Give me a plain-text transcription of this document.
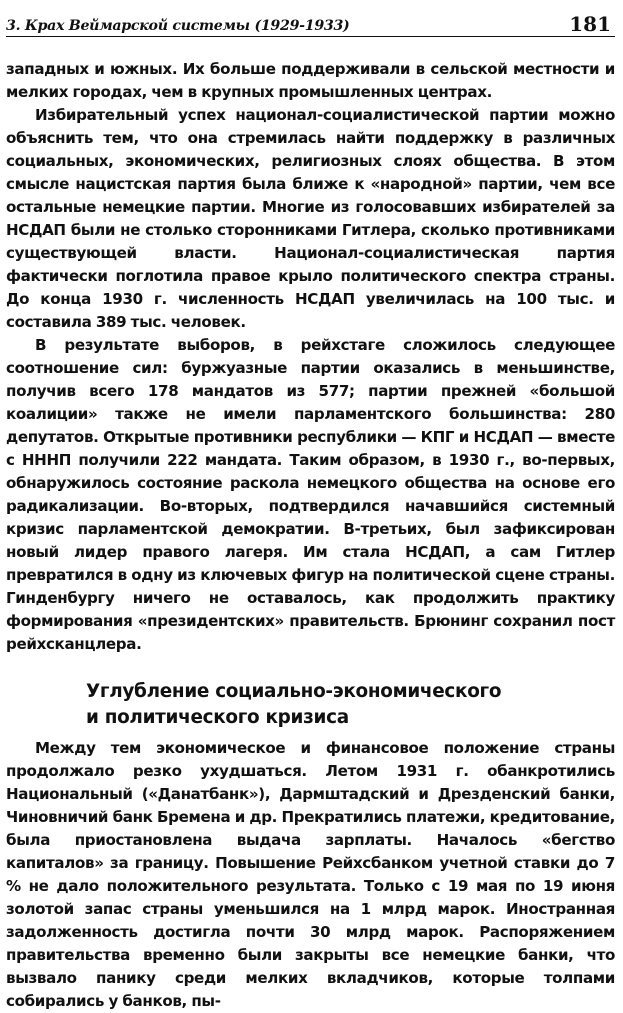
3. Крах Веймарской системы (1929-1933)	181

западных и южных. Их больше поддерживали в сельской местности и мелких городах, чем в крупных промышленных центрах.

Избирательный успех национал-социалистической партии можно объяснить тем, что она стремилась найти поддержку в различных социальных, экономических, религиозных слоях общества. В этом смысле нацистская партия была ближе к «народной» партии, чем все остальные немецкие партии. Многие из голосовавших избирателей за НСДАП были не столько сторонниками Гитлера, сколько противниками существующей власти. Национал-социалистическая партия фактически поглотила правое крыло политического спектра страны. До конца 1930 г. численность НСДАП увеличилась на 100 тыс. и составила 389 тыс. человек.

В результате выборов, в рейхстаге сложилось следующее соотношение сил: буржуазные партии оказались в меньшинстве, получив всего 178 мандатов из 577; партии прежней «большой коалиции» также не имели парламентского большинства: 280 депутатов. Открытые противники республики — КПГ и НСДАП — вместе с НННП получили 222 мандата. Таким образом, в 1930 г., во-первых, обнаружилось состояние раскола немецкого общества на основе его радикализации. Во-вторых, подтвердился начавшийся системный кризис парламентской демократии. В-третьих, был зафиксирован новый лидер правого лагеря. Им стала НСДАП, а сам Гитлер превратился в одну из ключевых фигур на политической сцене страны. Гинденбургу ничего не оставалось, как продолжить практику формирования «президентских» правительств. Брюнинг сохранил пост рейхсканцлера.

Углубление социально-экономического
и политического кризиса

Между тем экономическое и финансовое положение страны продолжало резко ухудшаться. Летом 1931 г. обанкротились Национальный («Данатбанк»), Дармштадский и Дрезденский банки, Чиновничий банк Бремена и др. Прекратились платежи, кредитование, была приостановлена выдача зарплаты. Началось «бегство капиталов» за границу. Повышение Рейхсбанком учетной ставки до 7 % не дало положительного результата. Только с 19 мая по 19 июня золотой запас страны уменьшился на 1 млрд марок. Иностранная задолженность достигла почти 30 млрд марок. Распоряжением правительства временно были закрыты все немецкие банки, что вызвало панику среди мелких вкладчиков, которые толпами собирались у банков, пы-
